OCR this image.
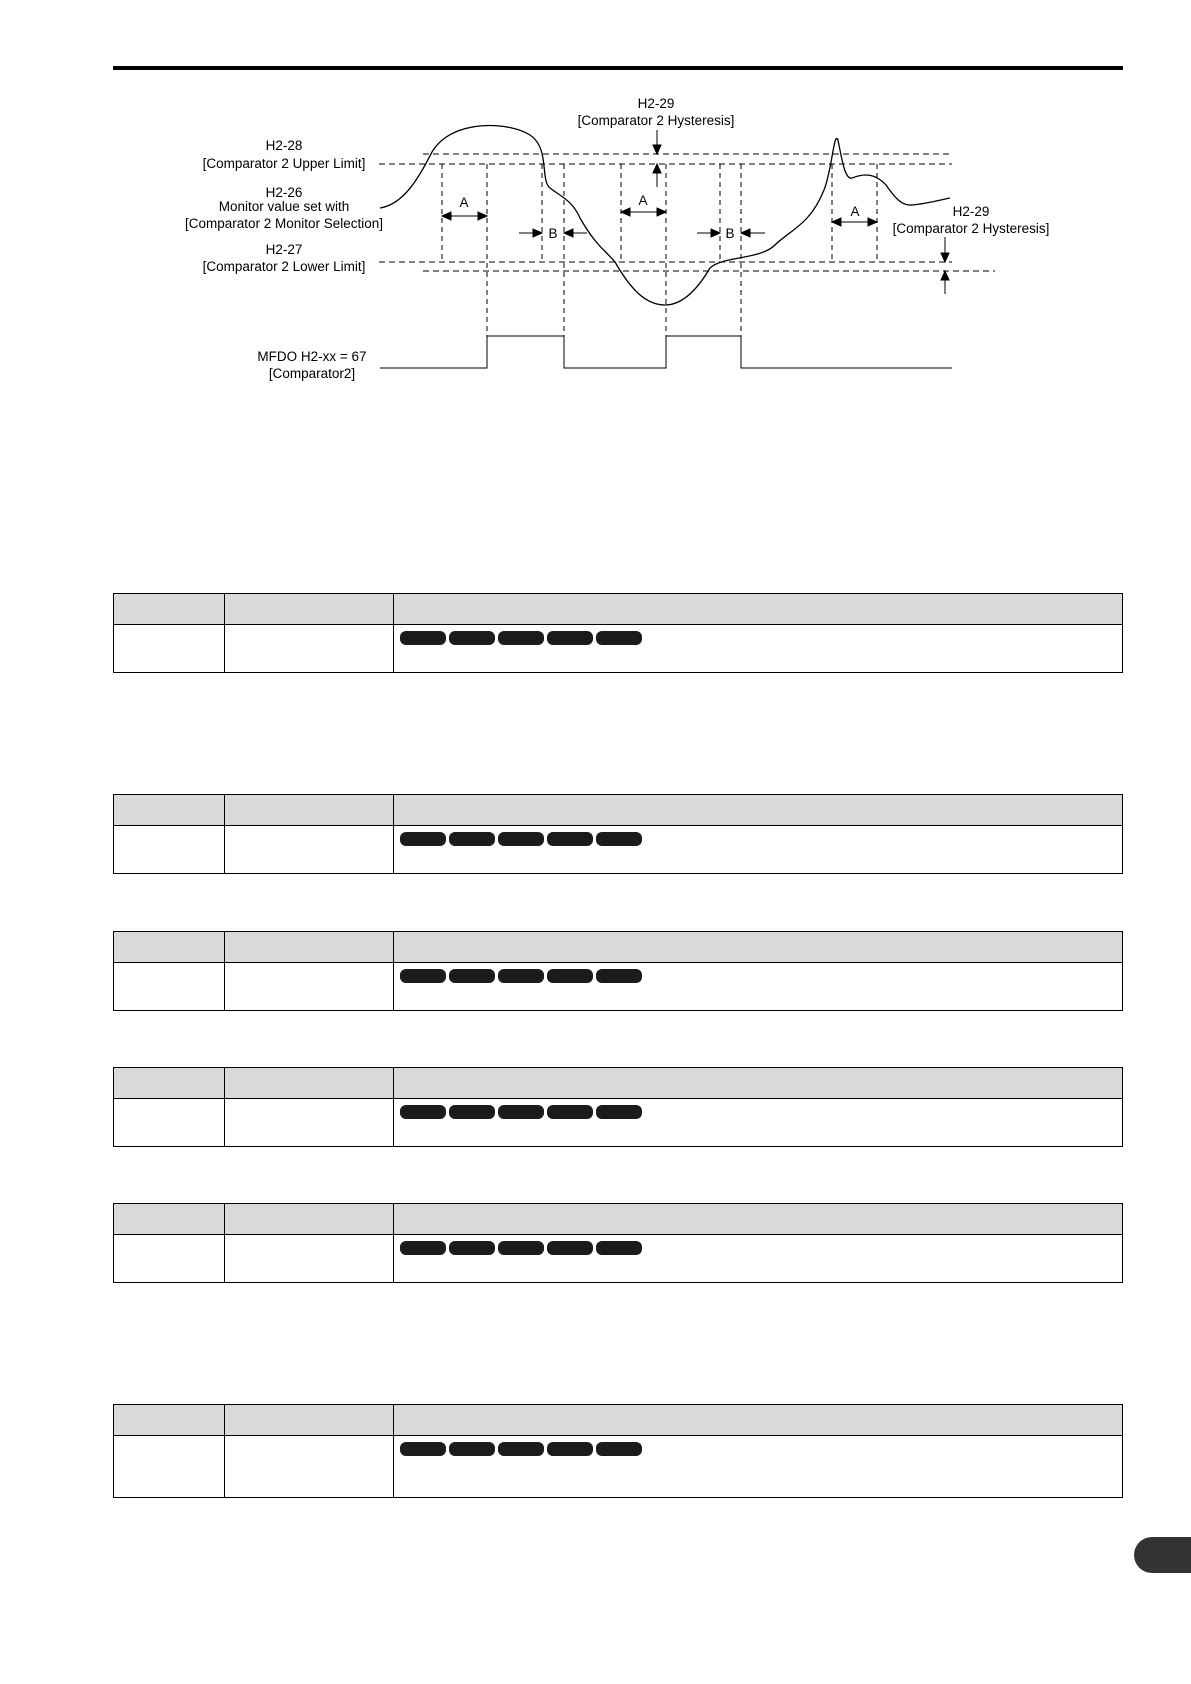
H2-29
[Comparator 2 Hysteresis]
H2-28
[Comparator 2 Upper Limit]
H2-26
Monitor value set with
[Comparator 2 Monitor Selection]
H2-27
[Comparator 2 Lower Limit]
MFDO H2-xx = 67
[Comparator2]
H2-29
[Comparator 2 Hysteresis]
A	A
A
B	B
